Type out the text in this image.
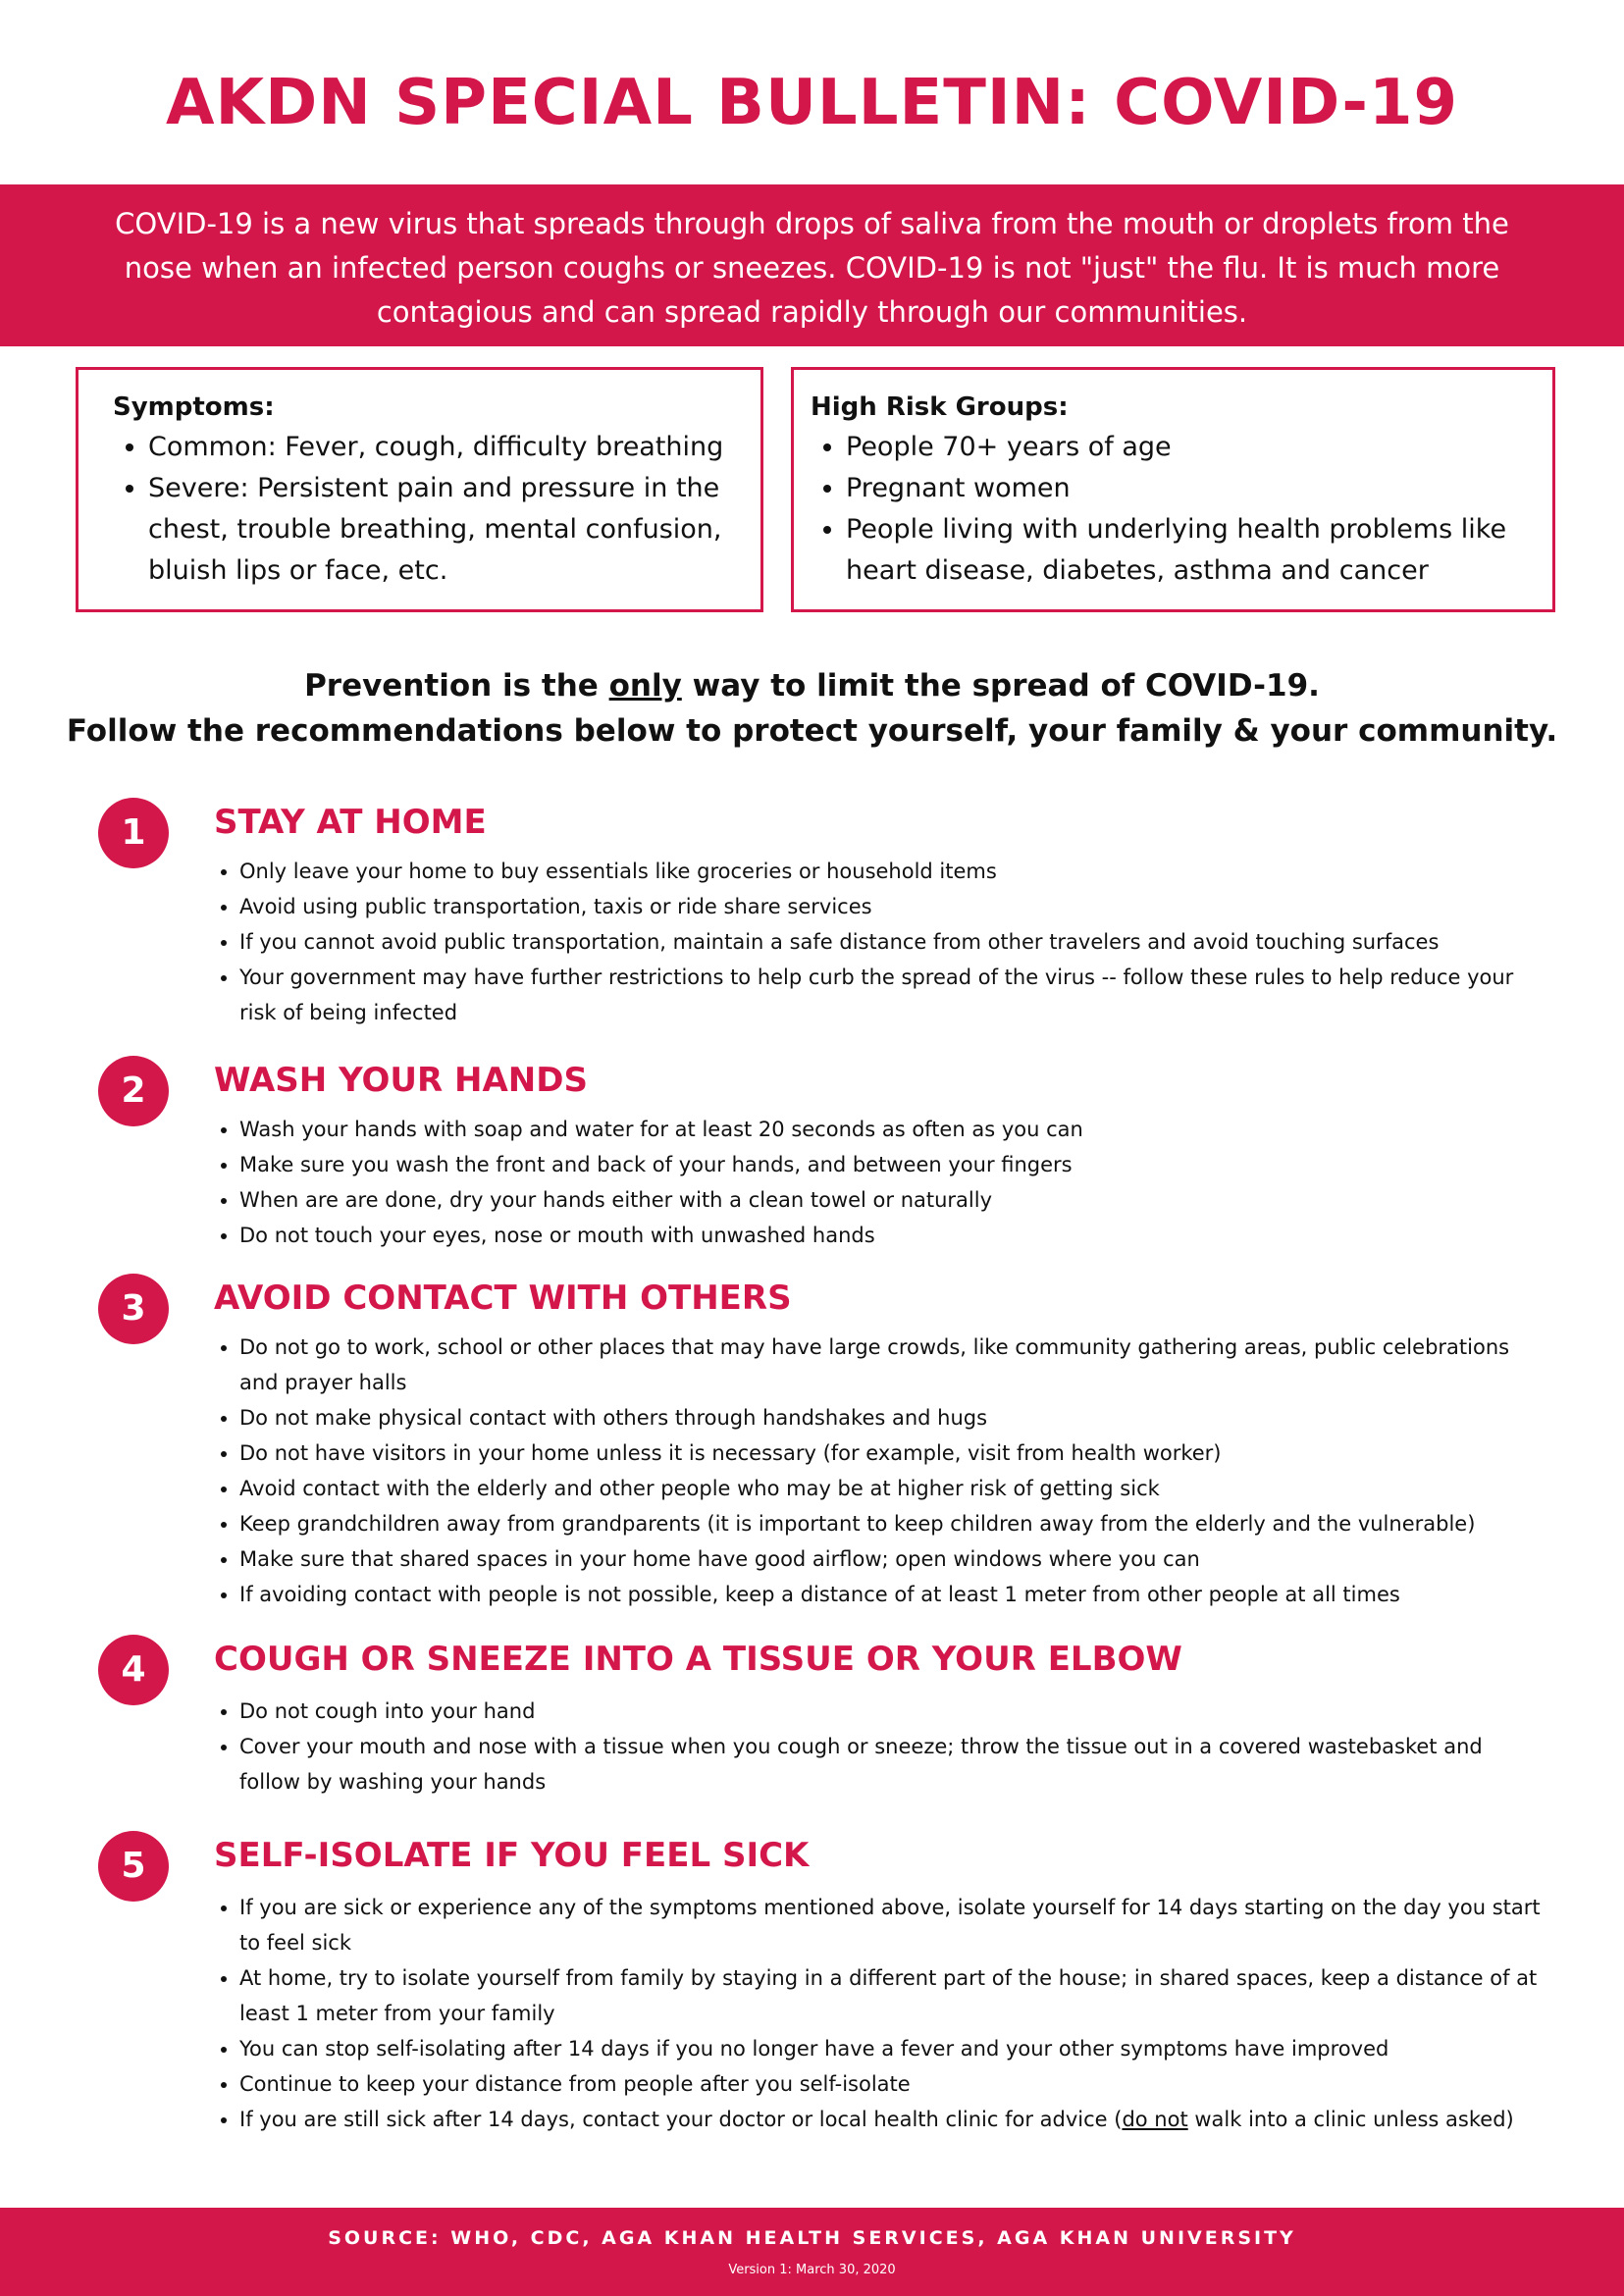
AKDN SPECIAL BULLETIN: COVID-19
COVID-19 is a new virus that spreads through drops of saliva from the mouth or droplets from the nose when an infected person coughs or sneezes. COVID-19 is not "just" the flu. It is much more contagious and can spread rapidly through our communities.
Symptoms:
• Common: Fever, cough, difficulty breathing
• Severe: Persistent pain and pressure in the chest, trouble breathing, mental confusion, bluish lips or face, etc.
High Risk Groups:
• People 70+ years of age
• Pregnant women
• People living with underlying health problems like heart disease, diabetes, asthma and cancer
Prevention is the only way to limit the spread of COVID-19.
Follow the recommendations below to protect yourself, your family & your community.
1	STAY AT HOME
• Only leave your home to buy essentials like groceries or household items
• Avoid using public transportation, taxis or ride share services
• If you cannot avoid public transportation, maintain a safe distance from other travelers and avoid touching surfaces
• Your government may have further restrictions to help curb the spread of the virus -- follow these rules to help reduce your risk of being infected
2	WASH YOUR HANDS
• Wash your hands with soap and water for at least 20 seconds as often as you can
• Make sure you wash the front and back of your hands, and between your fingers
• When are are done, dry your hands either with a clean towel or naturally
• Do not touch your eyes, nose or mouth with unwashed hands
3	AVOID CONTACT WITH OTHERS
• Do not go to work, school or other places that may have large crowds, like community gathering areas, public celebrations and prayer halls
• Do not make physical contact with others through handshakes and hugs
• Do not have visitors in your home unless it is necessary (for example, visit from health worker)
• Avoid contact with the elderly and other people who may be at higher risk of getting sick
• Keep grandchildren away from grandparents (it is important to keep children away from the elderly and the vulnerable)
• Make sure that shared spaces in your home have good airflow; open windows where you can
• If avoiding contact with people is not possible, keep a distance of at least 1 meter from other people at all times
4	COUGH OR SNEEZE INTO A TISSUE OR YOUR ELBOW
• Do not cough into your hand
• Cover your mouth and nose with a tissue when you cough or sneeze; throw the tissue out in a covered wastebasket and follow by washing your hands
5	SELF-ISOLATE IF YOU FEEL SICK
• If you are sick or experience any of the symptoms mentioned above, isolate yourself for 14 days starting on the day you start to feel sick
• At home, try to isolate yourself from family by staying in a different part of the house; in shared spaces, keep a distance of at least 1 meter from your family
• You can stop self-isolating after 14 days if you no longer have a fever and your other symptoms have improved
• Continue to keep your distance from people after you self-isolate
• If you are still sick after 14 days, contact your doctor or local health clinic for advice (do not walk into a clinic unless asked)
SOURCE: WHO, CDC, AGA KHAN HEALTH SERVICES, AGA KHAN UNIVERSITY
Version 1: March 30, 2020
